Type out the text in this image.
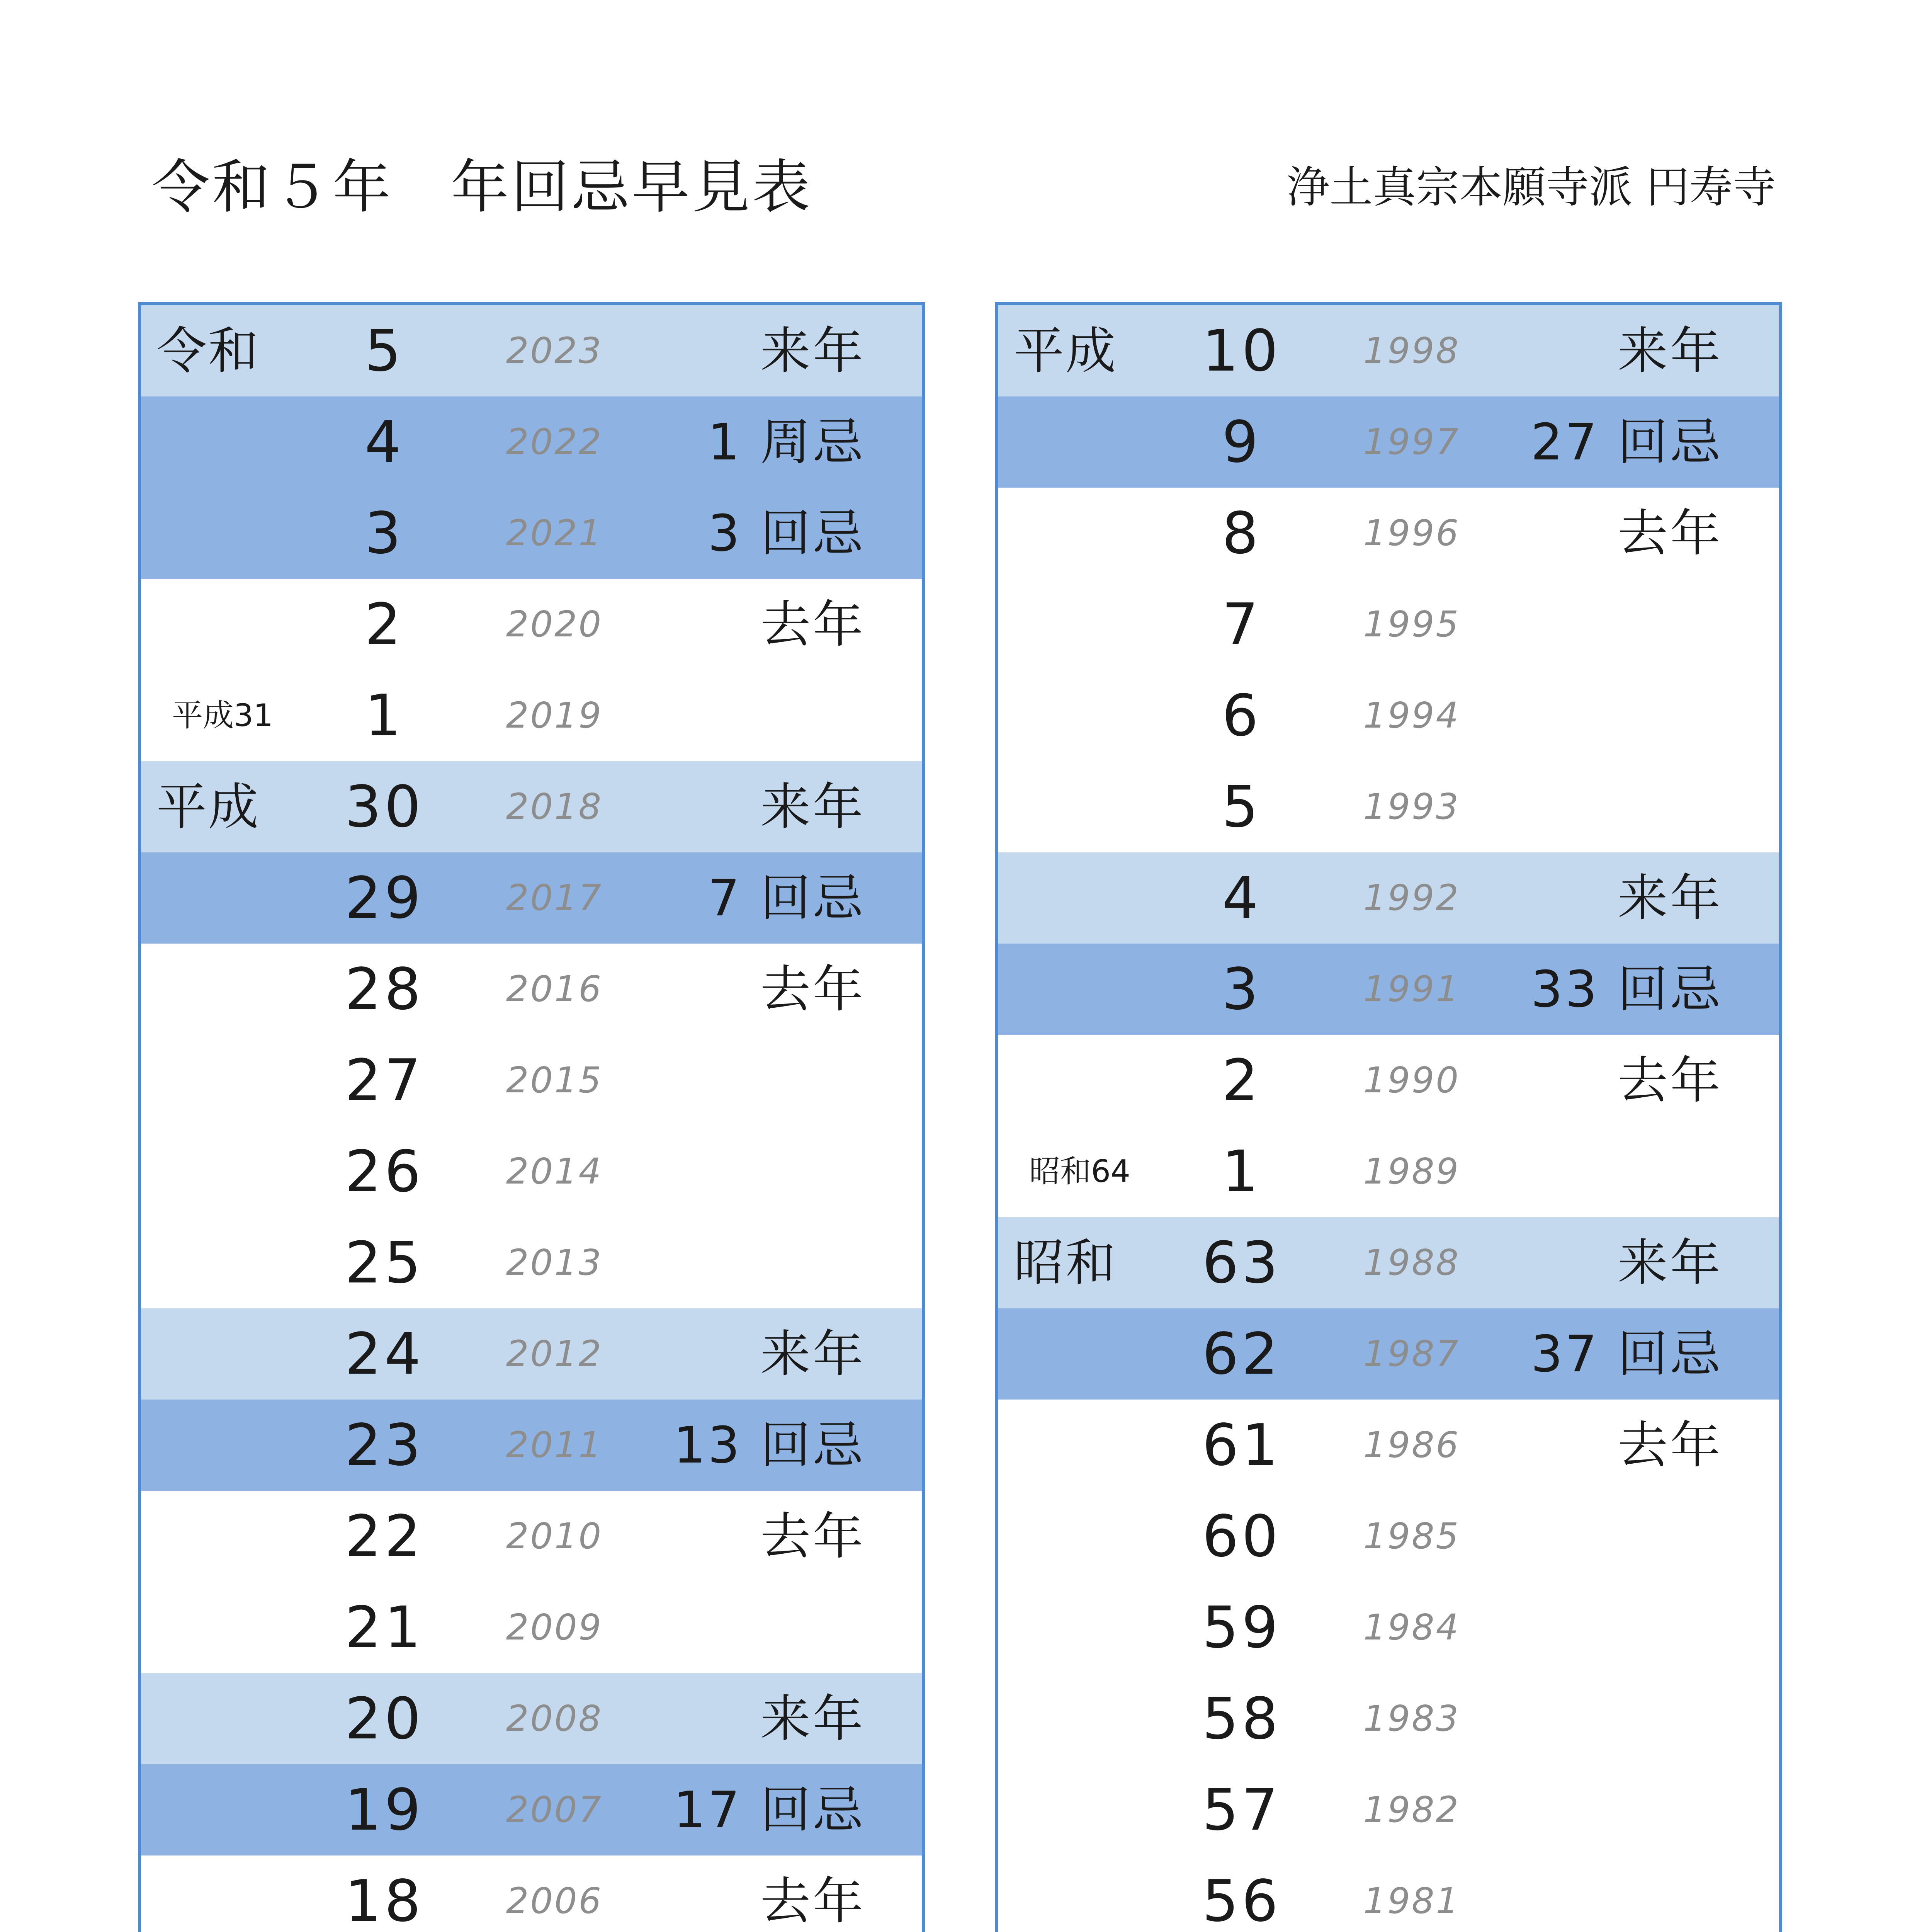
令和５年 年回忌早見表	浄土真宗本願寺派 円寿寺
令和	5	2023	来年
4	2022	1 周忌
3	2021	3 回忌
2	2020	去年
平成31	1	2019
平成	30	2018	来年
29	2017	7 回忌
28	2016	去年
27	2015
26	2014
25	2013
24	2012	来年
23	2011	13 回忌
22	2010	去年
21	2009
20	2008	来年
19	2007	17 回忌
18	2006	去年
平成	10	1998	来年
9	1997	27 回忌
8	1996	去年
7	1995
6	1994
5	1993
4	1992	来年
3	1991	33 回忌
2	1990	去年
昭和64	1	1989
昭和	63	1988	来年
62	1987	37 回忌
61	1986	去年
60	1985
59	1984
58	1983
57	1982
56	1981
